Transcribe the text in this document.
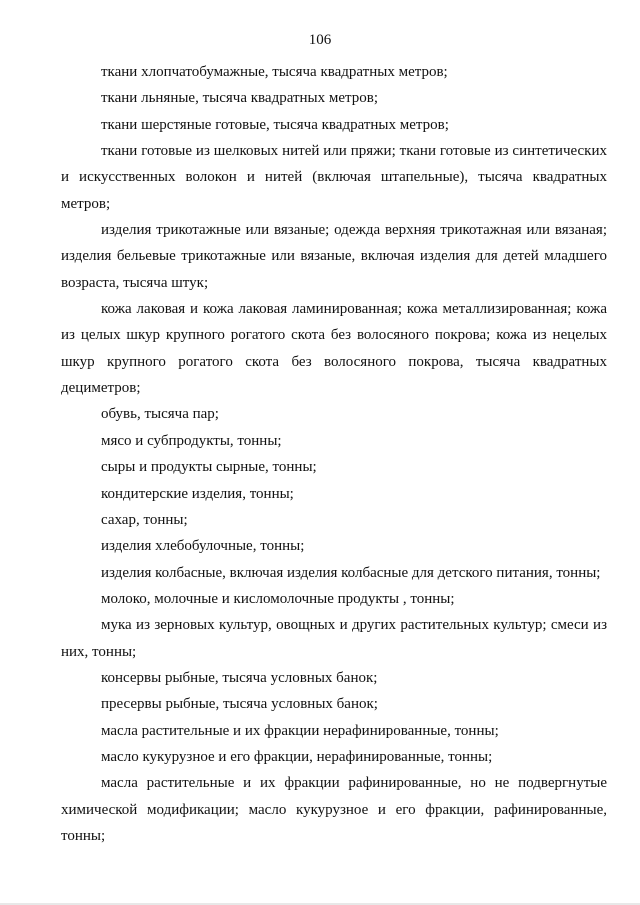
106

ткани хлопчатобумажные, тысяча квадратных метров;

ткани льняные, тысяча квадратных метров;

ткани шерстяные готовые, тысяча квадратных метров;

ткани готовые из шелковых нитей или пряжи; ткани готовые из синтетических и искусственных волокон и нитей (включая штапельные), тысяча квадратных метров;

изделия трикотажные или вязаные; одежда верхняя трикотажная или вязаная; изделия бельевые трикотажные или вязаные, включая изделия для детей младшего возраста, тысяча штук;

кожа лаковая и кожа лаковая ламинированная; кожа металлизированная; кожа из целых шкур крупного рогатого скота без волосяного покрова; кожа из нецелых шкур крупного рогатого скота без волосяного покрова, тысяча квадратных дециметров;

обувь, тысяча пар;

мясо и субпродукты, тонны;

сыры и продукты сырные, тонны;

кондитерские изделия, тонны;

сахар, тонны;

изделия хлебобулочные, тонны;

изделия колбасные, включая изделия колбасные для детского питания, тонны;

молоко, молочные и кисломолочные продукты , тонны;

мука из зерновых культур, овощных и других растительных культур; смеси из них, тонны;

консервы рыбные, тысяча условных банок;

пресервы рыбные, тысяча условных банок;

масла растительные и их фракции нерафинированные, тонны;

масло кукурузное и его фракции, нерафинированные, тонны;

масла растительные и их фракции рафинированные, но не подвергнутые химической модификации; масло кукурузное и его фракции, рафинированные, тонны;
